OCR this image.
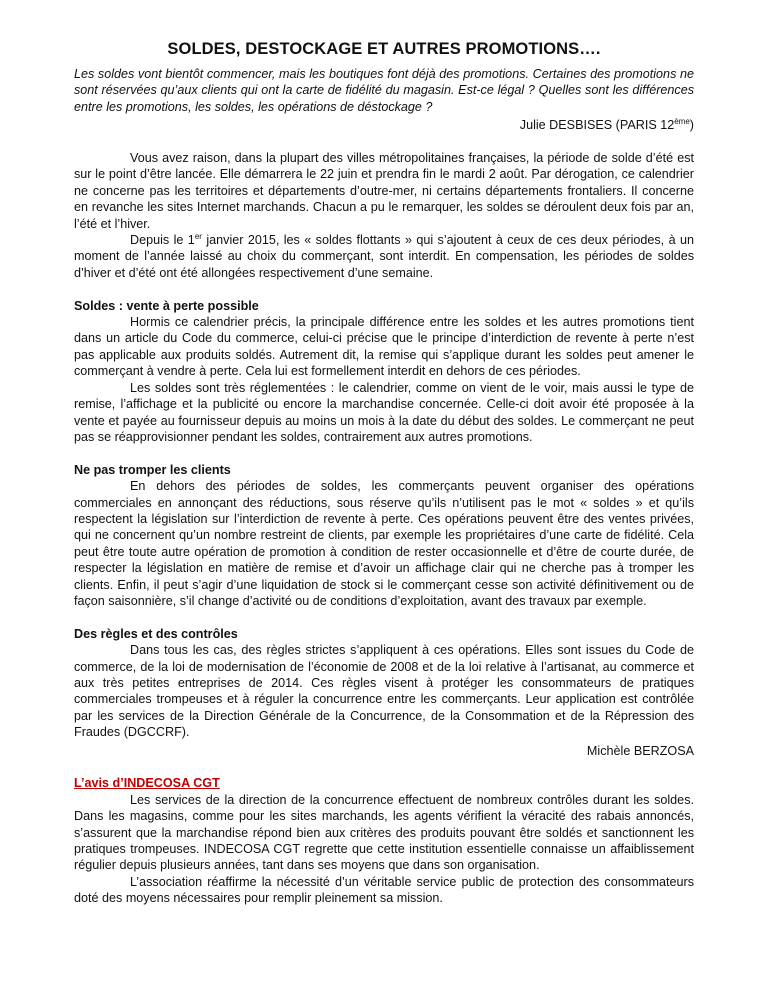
SOLDES, DESTOCKAGE ET AUTRES PROMOTIONS….

Les soldes vont bientôt commencer, mais les boutiques font déjà des promotions. Certaines des promotions ne sont réservées qu’aux clients qui ont la carte de fidélité du magasin. Est-ce légal ? Quelles sont les différences entre les promotions, les soldes, les opérations de déstockage ?

Julie DESBISES (PARIS 12ème)

Vous avez raison, dans la plupart des villes métropolitaines françaises, la période de solde d’été est sur le point d’être lancée. Elle démarrera le 22 juin et prendra fin le mardi 2 août. Par dérogation, ce calendrier ne concerne pas les territoires et départements d’outre-mer, ni certains départements frontaliers. Il concerne en revanche les sites Internet marchands. Chacun a pu le remarquer, les soldes se déroulent deux fois par an, l’été et l’hiver.

Depuis le 1er janvier 2015, les « soldes flottants » qui s’ajoutent à ceux de ces deux périodes, à un moment de l’année laissé au choix du commerçant, sont interdit. En compensation, les périodes de soldes d’hiver et d’été ont été allongées respectivement d’une semaine.

Soldes : vente à perte possible

Hormis ce calendrier précis, la principale différence entre les soldes et les autres promotions tient dans un article du Code du commerce, celui-ci précise que le principe d’interdiction de revente à perte n’est pas applicable aux produits soldés. Autrement dit, la remise qui s’applique durant les soldes peut amener le commerçant à vendre à perte. Cela lui est formellement interdit en dehors de ces périodes.

Les soldes sont très réglementées : le calendrier, comme on vient de le voir, mais aussi le type de remise, l’affichage et la publicité ou encore la marchandise concernée. Celle-ci doit avoir été proposée à la vente et payée au fournisseur depuis au moins un mois à la date du début des soldes. Le commerçant ne peut pas se réapprovisionner pendant les soldes, contrairement aux autres promotions.

Ne pas tromper les clients

En dehors des périodes de soldes, les commerçants peuvent organiser des opérations commerciales en annonçant des réductions, sous réserve qu’ils n’utilisent pas le mot « soldes » et qu’ils respectent la législation sur l’interdiction de revente à perte. Ces opérations peuvent être des ventes privées, qui ne concernent qu’un nombre restreint de clients, par exemple les propriétaires d’une carte de fidélité. Cela peut être toute autre opération de promotion à condition de rester occasionnelle et d’être de courte durée, de respecter la législation en matière de remise et d’avoir un affichage clair qui ne cherche pas à tromper les clients. Enfin, il peut s’agir d’une liquidation de stock si le commerçant cesse son activité définitivement ou de façon saisonnière, s’il change d’activité ou de conditions d’exploitation, avant des travaux par exemple.

Des règles et des contrôles

Dans tous les cas, des règles strictes s’appliquent à ces opérations. Elles sont issues du Code de commerce, de la loi de modernisation de l’économie de 2008 et de la loi relative à l’artisanat, au commerce et aux très petites entreprises de 2014. Ces règles visent à protéger les consommateurs de pratiques commerciales trompeuses et à réguler la concurrence entre les commerçants. Leur application est contrôlée par les services de la Direction Générale de la Concurrence, de la Consommation et de la Répression des Fraudes (DGCCRF).

Michèle BERZOSA

L’avis d’INDECOSA CGT

Les services de la direction de la concurrence effectuent de nombreux contrôles durant les soldes. Dans les magasins, comme pour les sites marchands, les agents vérifient la véracité des rabais annoncés, s’assurent que la marchandise répond bien aux critères des produits pouvant être soldés et sanctionnent les pratiques trompeuses. INDECOSA CGT regrette que cette institution essentielle connaisse un affaiblissement régulier depuis plusieurs années, tant dans ses moyens que dans son organisation.

L’association réaffirme la nécessité d’un véritable service public de protection des consommateurs doté des moyens nécessaires pour remplir pleinement sa mission.
